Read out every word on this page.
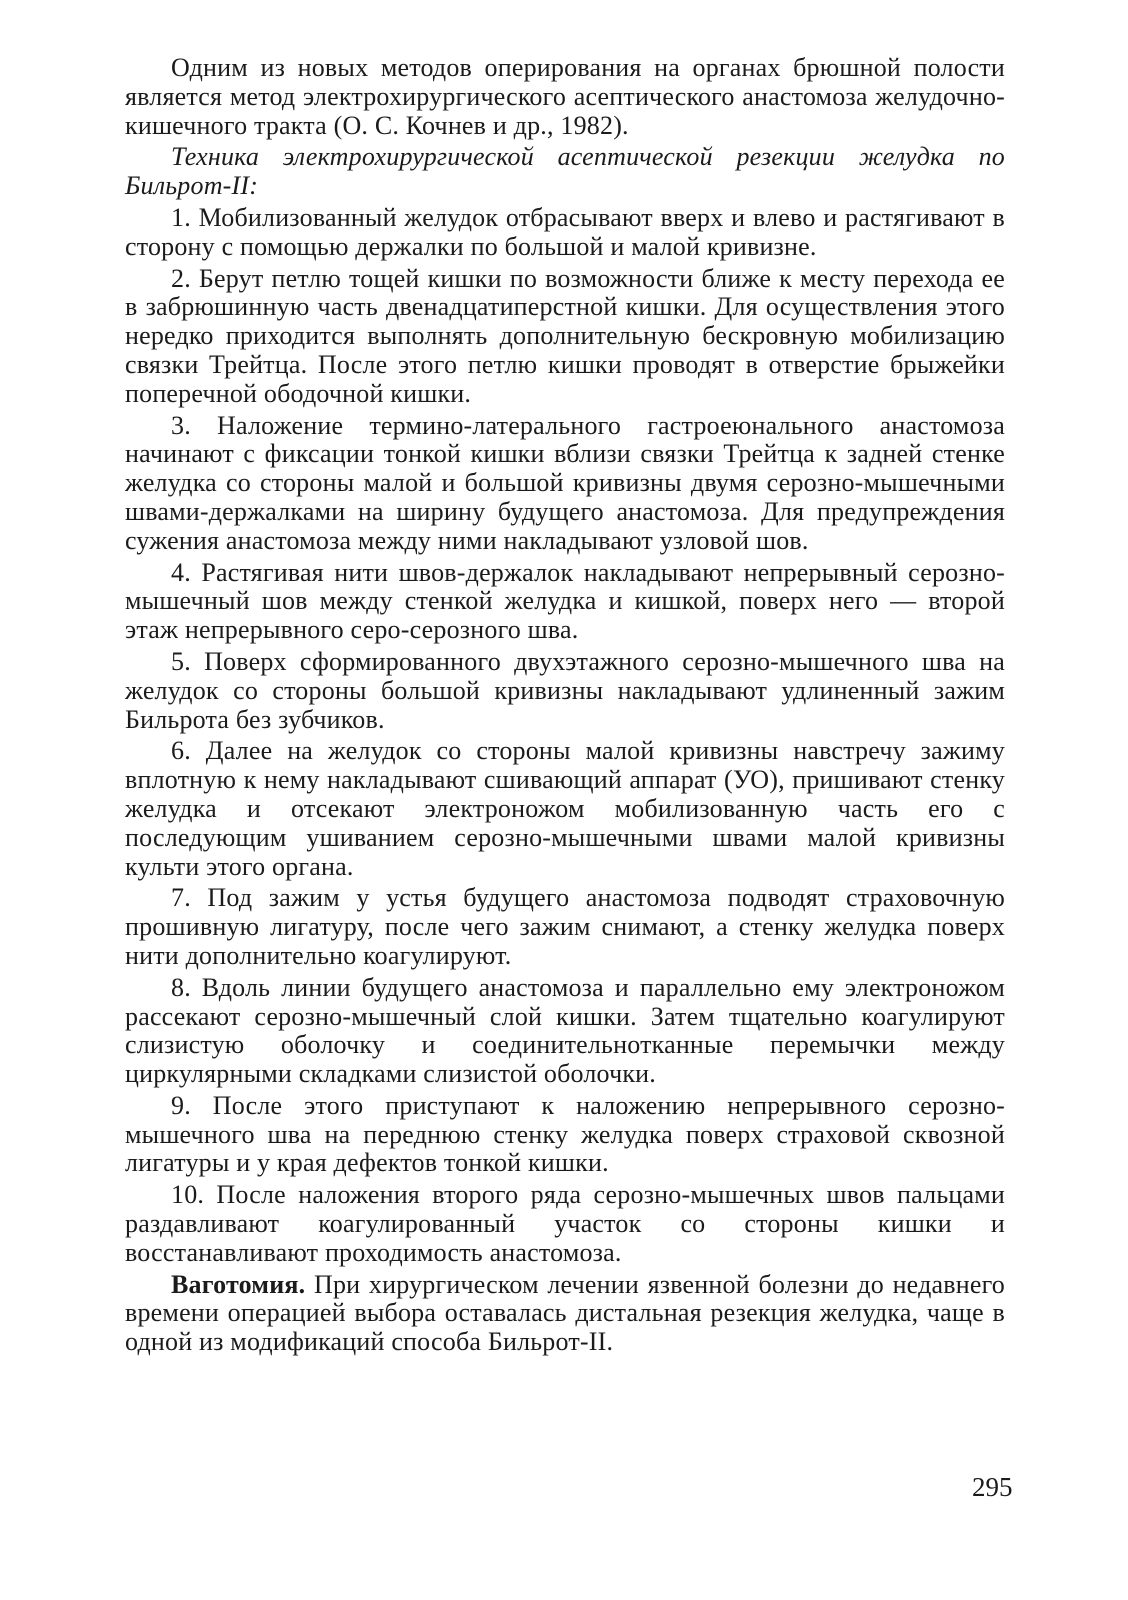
Одним из новых методов оперирования на органах брюшной полости является метод электрохирургического асептического анастомоза желудочно-кишечного тракта (О. С. Кочнев и др., 1982).

Техника электрохирургической асептической резекции желудка по Бильрот-II:

1. Мобилизованный желудок отбрасывают вверх и влево и растягивают в сторону с помощью держалки по большой и малой кривизне.

2. Берут петлю тощей кишки по возможности ближе к месту перехода ее в забрюшинную часть двенадцатиперстной кишки. Для осуществления этого нередко приходится выполнять дополнительную бескровную мобилизацию связки Трейтца. После этого петлю кишки проводят в отверстие брыжейки поперечной ободочной кишки.

3. Наложение термино-латерального гастроеюнального анастомоза начинают с фиксации тонкой кишки вблизи связки Трейтца к задней стенке желудка со стороны малой и большой кривизны двумя серозно-мышечными швами-держалками на ширину будущего анастомоза. Для предупреждения сужения анастомоза между ними накладывают узловой шов.

4. Растягивая нити швов-держалок накладывают непрерывный серозно-мышечный шов между стенкой желудка и кишкой, поверх него — второй этаж непрерывного серо-серозного шва.

5. Поверх сформированного двухэтажного серозно-мышечного шва на желудок со стороны большой кривизны накладывают удлиненный зажим Бильрота без зубчиков.

6. Далее на желудок со стороны малой кривизны навстречу зажиму вплотную к нему накладывают сшивающий аппарат (УО), пришивают стенку желудка и отсекают электроножом мобилизованную часть его с последующим ушиванием серозно-мышечными швами малой кривизны культи этого органа.

7. Под зажим у устья будущего анастомоза подводят страховочную прошивную лигатуру, после чего зажим снимают, а стенку желудка поверх нити дополнительно коагулируют.

8. Вдоль линии будущего анастомоза и параллельно ему электроножом рассекают серозно-мышечный слой кишки. Затем тщательно коагулируют слизистую оболочку и соединительнотканные перемычки между циркулярными складками слизистой оболочки.

9. После этого приступают к наложению непрерывного серозно-мышечного шва на переднюю стенку желудка поверх страховой сквозной лигатуры и у края дефектов тонкой кишки.

10. После наложения второго ряда серозно-мышечных швов пальцами раздавливают коагулированный участок со стороны кишки и восстанавливают проходимость анастомоза.

Ваготомия. При хирургическом лечении язвенной болезни до недавнего времени операцией выбора оставалась дистальная резекция желудка, чаще в одной из модификаций способа Бильрот-II.

295
